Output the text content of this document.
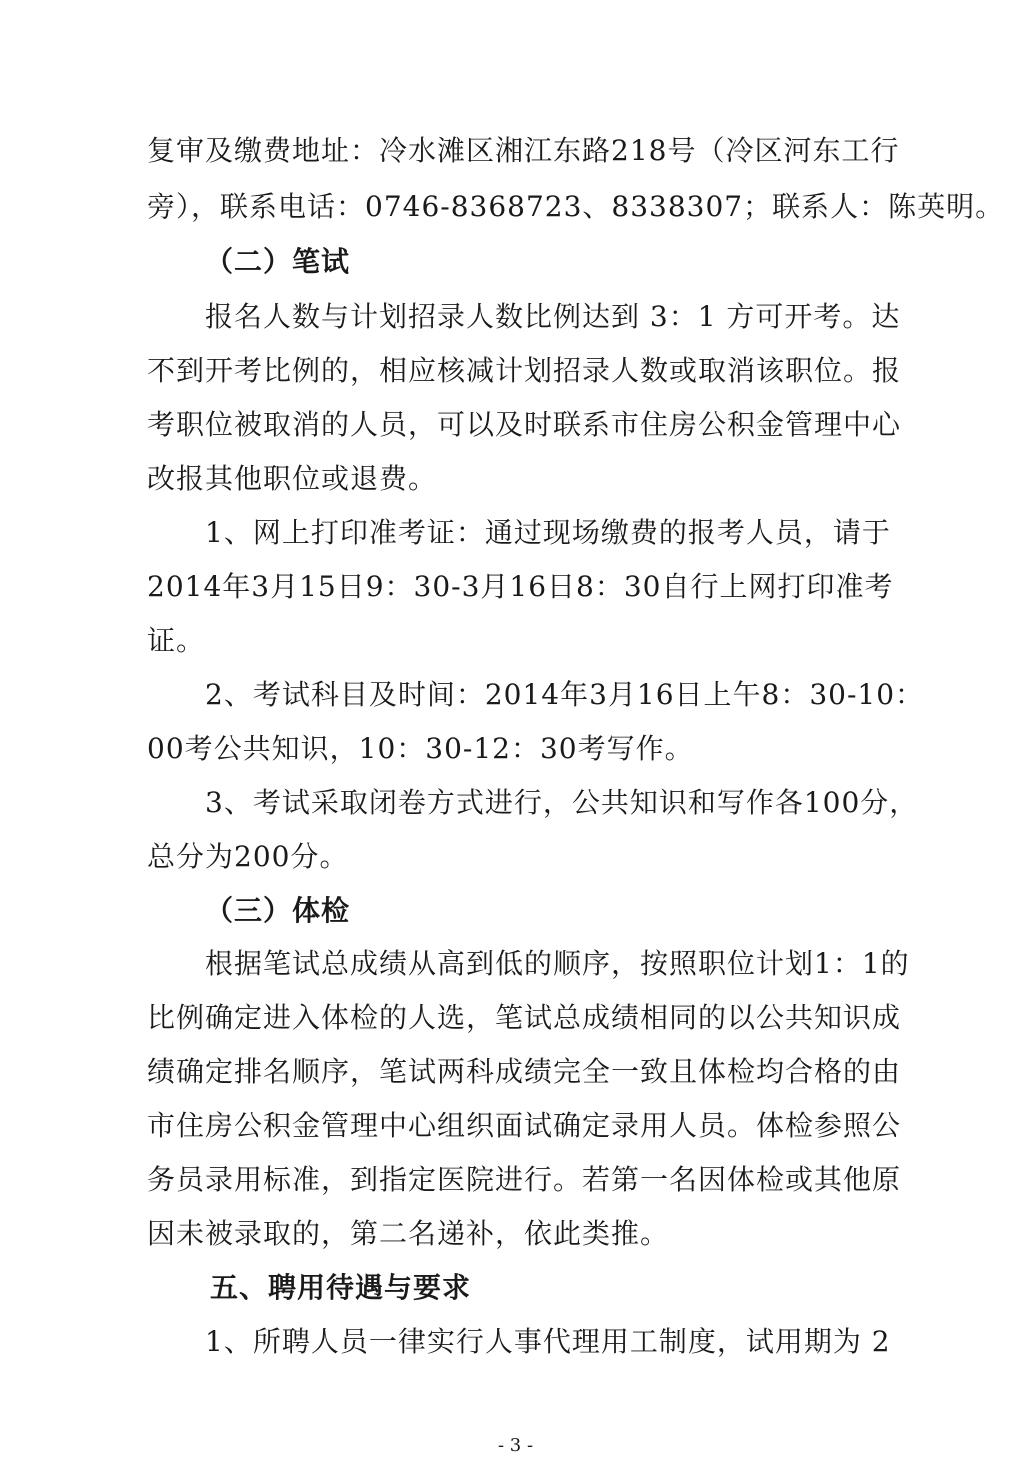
复审及缴费地址：冷水滩区湘江东路218号（冷区河东工行
旁），联系电话：0746-8368723、8338307；联系人：陈英明。
（二）笔试
报名人数与计划招录人数比例达到 3：1 方可开考。达
不到开考比例的，相应核减计划招录人数或取消该职位。报
考职位被取消的人员，可以及时联系市住房公积金管理中心
改报其他职位或退费。
1、网上打印准考证：通过现场缴费的报考人员，请于
2014年3月15日9：30-3月16日8：30自行上网打印准考
证。
2、考试科目及时间：2014年3月16日上午8：30-10：
00考公共知识，10：30-12：30考写作。
3、考试采取闭卷方式进行，公共知识和写作各100分，
总分为200分。
（三）体检
根据笔试总成绩从高到低的顺序，按照职位计划1：1的
比例确定进入体检的人选，笔试总成绩相同的以公共知识成
绩确定排名顺序，笔试两科成绩完全一致且体检均合格的由
市住房公积金管理中心组织面试确定录用人员。体检参照公
务员录用标准，到指定医院进行。若第一名因体检或其他原
因未被录取的，第二名递补，依此类推。
五、聘用待遇与要求
1、所聘人员一律实行人事代理用工制度，试用期为 2
- 3 -
